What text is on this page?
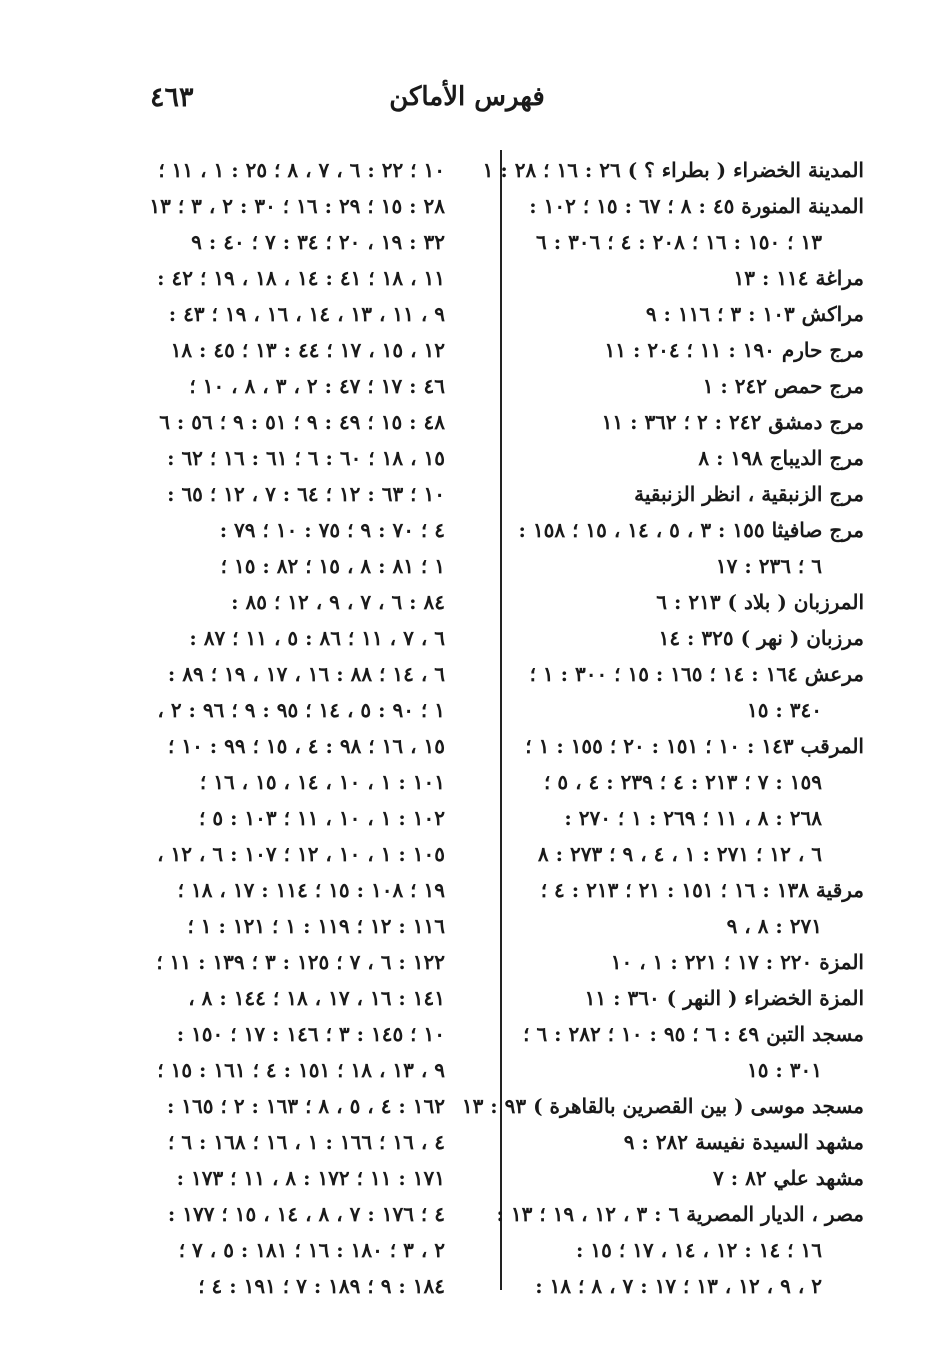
٤٦٣	فهرس الأماكن
المدينة الخضراء ( بطراء ؟ ) ٢٦ : ١٦ ؛ ٢٨ : ١
المدينة المنورة ٤٥ : ٨ ؛ ٦٧ : ١٥ ؛ ١٠٢ :
١٣ ؛ ١٥٠ : ١٦ ؛ ٢٠٨ : ٤ ؛ ٣٠٦ : ٦
مراغة ١١٤ : ١٣
مراكش ١٠٣ : ٣ ؛ ١١٦ : ٩
مرج حارم ١٩٠ : ١١ ؛ ٢٠٤ : ١١
مرج حمص ٢٤٢ : ١
مرج دمشق ٢٤٢ : ٢ ؛ ٣٦٢ : ١١
مرج الديباج ١٩٨ : ٨
مرج الزنبقية ، انظر الزنبقية
مرج صافيثا ١٥٥ : ٣ ، ٥ ، ١٤ ، ١٥ ؛ ١٥٨ :
٦ ؛ ٢٣٦ : ١٧
المرزبان ( بلاد ) ٢١٣ : ٦
مرزبان ( نهر ) ٣٢٥ : ١٤
مرعش ١٦٤ : ١٤ ؛ ١٦٥ : ١٥ ؛ ٣٠٠ : ١ ؛
٣٤٠ : ١٥
المرقب ١٤٣ : ١٠ ؛ ١٥١ : ٢٠ ؛ ١٥٥ : ١ ؛
١٥٩ : ٧ ؛ ٢١٣ : ٤ ؛ ٢٣٩ : ٤ ، ٥ ؛
٢٦٨ : ٨ ، ١١ ؛ ٢٦٩ : ١ ؛ ٢٧٠ :
٦ ، ١٢ ؛ ٢٧١ : ١ ، ٤ ، ٩ ؛ ٢٧٣ : ٨
مرقية ١٣٨ : ١٦ ؛ ١٥١ : ٢١ ؛ ٢١٣ : ٤ ؛
٢٧١ : ٨ ، ٩
المزة ٢٢٠ : ١٧ ؛ ٢٢١ : ١ ، ١٠
المزة الخضراء ( النهر ) ٣٦٠ : ١١
مسجد التبن ٤٩ : ٦ ؛ ٩٥ : ١٠ ؛ ٢٨٢ : ٦ ؛
٣٠١ : ١٥
مسجد موسى ( بين القصرين بالقاهرة ) ٩٣ : ١٣
مشهد السيدة نفيسة ٢٨٢ : ٩
مشهد علي ٨٢ : ٧
مصر ، الديار المصرية ٦ : ٣ ، ١٢ ، ١٩ ؛ ١٣ :
١٦ ؛ ١٤ : ١٢ ، ١٤ ، ١٧ ؛ ١٥ :
٢ ، ٩ ، ١٢ ، ١٣ ؛ ١٧ : ٧ ، ٨ ؛ ١٨ :
١٠ ؛ ٢٢ : ٦ ، ٧ ، ٨ ؛ ٢٥ : ١ ، ١١ ؛
٢٨ : ١٥ ؛ ٢٩ : ١٦ ؛ ٣٠ : ٢ ، ٣ ؛ ١٣
٣٢ : ١٩ ، ٢٠ ؛ ٣٤ : ٧ ؛ ٤٠ : ٩
١١ ، ١٨ ؛ ٤١ : ١٤ ، ١٨ ، ١٩ ؛ ٤٢ :
٩ ، ١١ ، ١٣ ، ١٤ ، ١٦ ، ١٩ ؛ ٤٣ :
١٢ ، ١٥ ، ١٧ ؛ ٤٤ : ١٣ ؛ ٤٥ : ١٨
٤٦ : ١٧ ؛ ٤٧ : ٢ ، ٣ ، ٨ ، ١٠ ؛
٤٨ : ١٥ ؛ ٤٩ : ٩ ؛ ٥١ : ٩ ؛ ٥٦ : ٦
١٥ ، ١٨ ؛ ٦٠ : ٦ ؛ ٦١ : ١٦ ؛ ٦٢ :
١٠ ؛ ٦٣ : ١٢ ؛ ٦٤ : ٧ ، ١٢ ؛ ٦٥ :
٤ ؛ ٧٠ : ٩ ؛ ٧٥ : ١٠ ؛ ٧٩ :
١ ؛ ٨١ : ٨ ، ١٥ ؛ ٨٢ : ١٥ ؛
٨٤ : ٦ ، ٧ ، ٩ ، ١٢ ؛ ٨٥ :
٦ ، ٧ ، ١١ ؛ ٨٦ : ٥ ، ١١ ؛ ٨٧ :
٦ ، ١٤ ؛ ٨٨ : ١٦ ، ١٧ ، ١٩ ؛ ٨٩ :
١ ؛ ٩٠ : ٥ ، ١٤ ؛ ٩٥ : ٩ ؛ ٩٦ : ٢ ،
١٥ ، ١٦ ؛ ٩٨ : ٤ ، ١٥ ؛ ٩٩ : ١٠ ؛
١٠١ : ١ ، ١٠ ، ١٤ ، ١٥ ، ١٦ ؛
١٠٢ : ١ ، ١٠ ، ١١ ؛ ١٠٣ : ٥ ؛
١٠٥ : ١ ، ١٠ ، ١٢ ؛ ١٠٧ : ٦ ، ١٢ ،
١٩ ؛ ١٠٨ : ١٥ ؛ ١١٤ : ١٧ ، ١٨ ؛
١١٦ : ١٢ ؛ ١١٩ : ١ ؛ ١٢١ : ١ ؛
١٢٢ : ٦ ، ٧ ؛ ١٢٥ : ٣ ؛ ١٣٩ : ١١ ؛
١٤١ : ١٦ ، ١٧ ، ١٨ ؛ ١٤٤ : ٨ ،
١٠ ؛ ١٤٥ : ٣ ؛ ١٤٦ : ١٧ ؛ ١٥٠ :
٩ ، ١٣ ، ١٨ ؛ ١٥١ : ٤ ؛ ١٦١ : ١٥ ؛
١٦٢ : ٤ ، ٥ ، ٨ ؛ ١٦٣ : ٢ ؛ ١٦٥ :
٤ ، ١٦ ؛ ١٦٦ : ١ ، ١٦ ؛ ١٦٨ : ٦ ؛
١٧١ : ١١ ؛ ١٧٢ : ٨ ، ١١ ؛ ١٧٣ :
٤ ؛ ١٧٦ : ٧ ، ٨ ، ١٤ ، ١٥ ؛ ١٧٧ :
٢ ، ٣ ؛ ١٨٠ : ١٦ ؛ ١٨١ : ٥ ، ٧ ؛
١٨٤ : ٩ ؛ ١٨٩ : ٧ ؛ ١٩١ : ٤ ؛
